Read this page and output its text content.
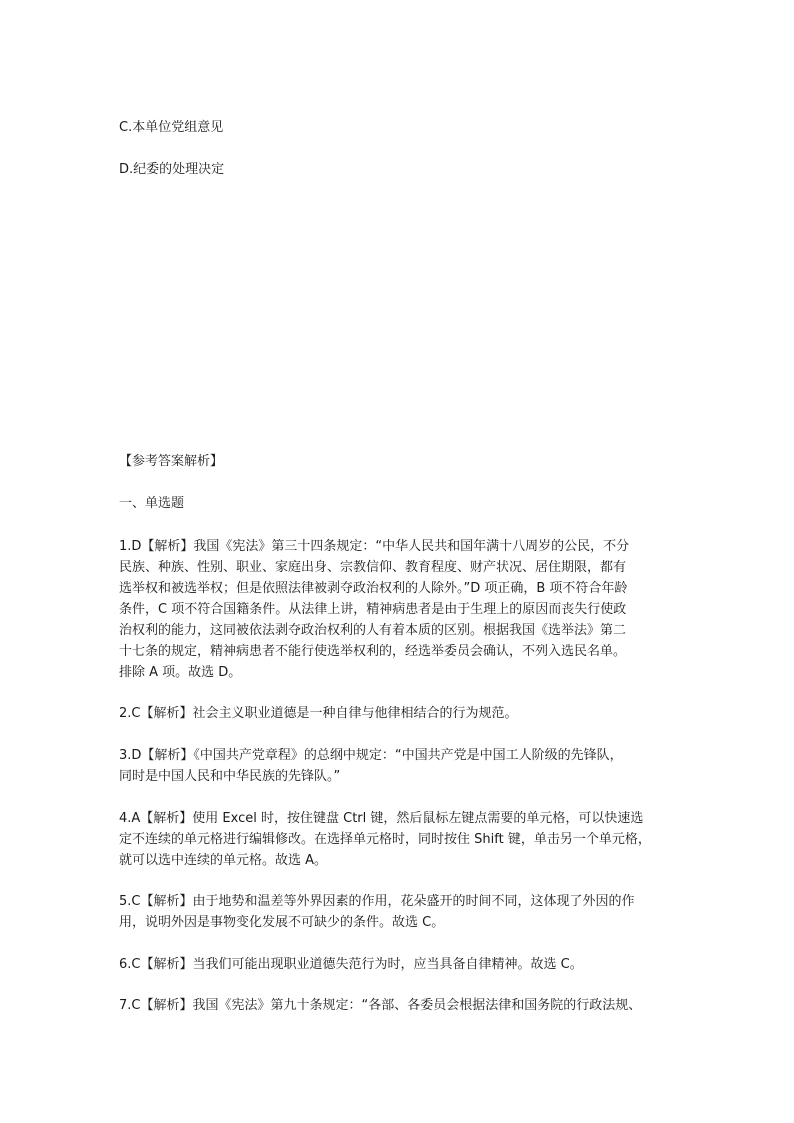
C.本单位党组意见
D.纪委的处理决定
【参考答案解析】
一、单选题
1.D【解析】我国《宪法》第三十四条规定：“中华人民共和国年满十八周岁的公民，不分
民族、种族、性别、职业、家庭出身、宗教信仰、教育程度、财产状况、居住期限，都有
选举权和被选举权；但是依照法律被剥夺政治权利的人除外。”D 项正确，B 项不符合年龄
条件，C 项不符合国籍条件。从法律上讲，精神病患者是由于生理上的原因而丧失行使政
治权利的能力，这同被依法剥夺政治权利的人有着本质的区别。根据我国《选举法》第二
十七条的规定，精神病患者不能行使选举权利的，经选举委员会确认，不列入选民名单。
排除 A 项。故选 D。
2.C【解析】社会主义职业道德是一种自律与他律相结合的行为规范。
3.D【解析】《中国共产党章程》的总纲中规定：“中国共产党是中国工人阶级的先锋队，
同时是中国人民和中华民族的先锋队。”
4.A【解析】使用 Excel 时，按住键盘 Ctrl 键，然后鼠标左键点需要的单元格，可以快速选
定不连续的单元格进行编辑修改。在选择单元格时，同时按住 Shift 键，单击另一个单元格，
就可以选中连续的单元格。故选 A。
5.C【解析】由于地势和温差等外界因素的作用，花朵盛开的时间不同，这体现了外因的作
用，说明外因是事物变化发展不可缺少的条件。故选 C。
6.C【解析】当我们可能出现职业道德失范行为时，应当具备自律精神。故选 C。
7.C【解析】我国《宪法》第九十条规定：“各部、各委员会根据法律和国务院的行政法规、
